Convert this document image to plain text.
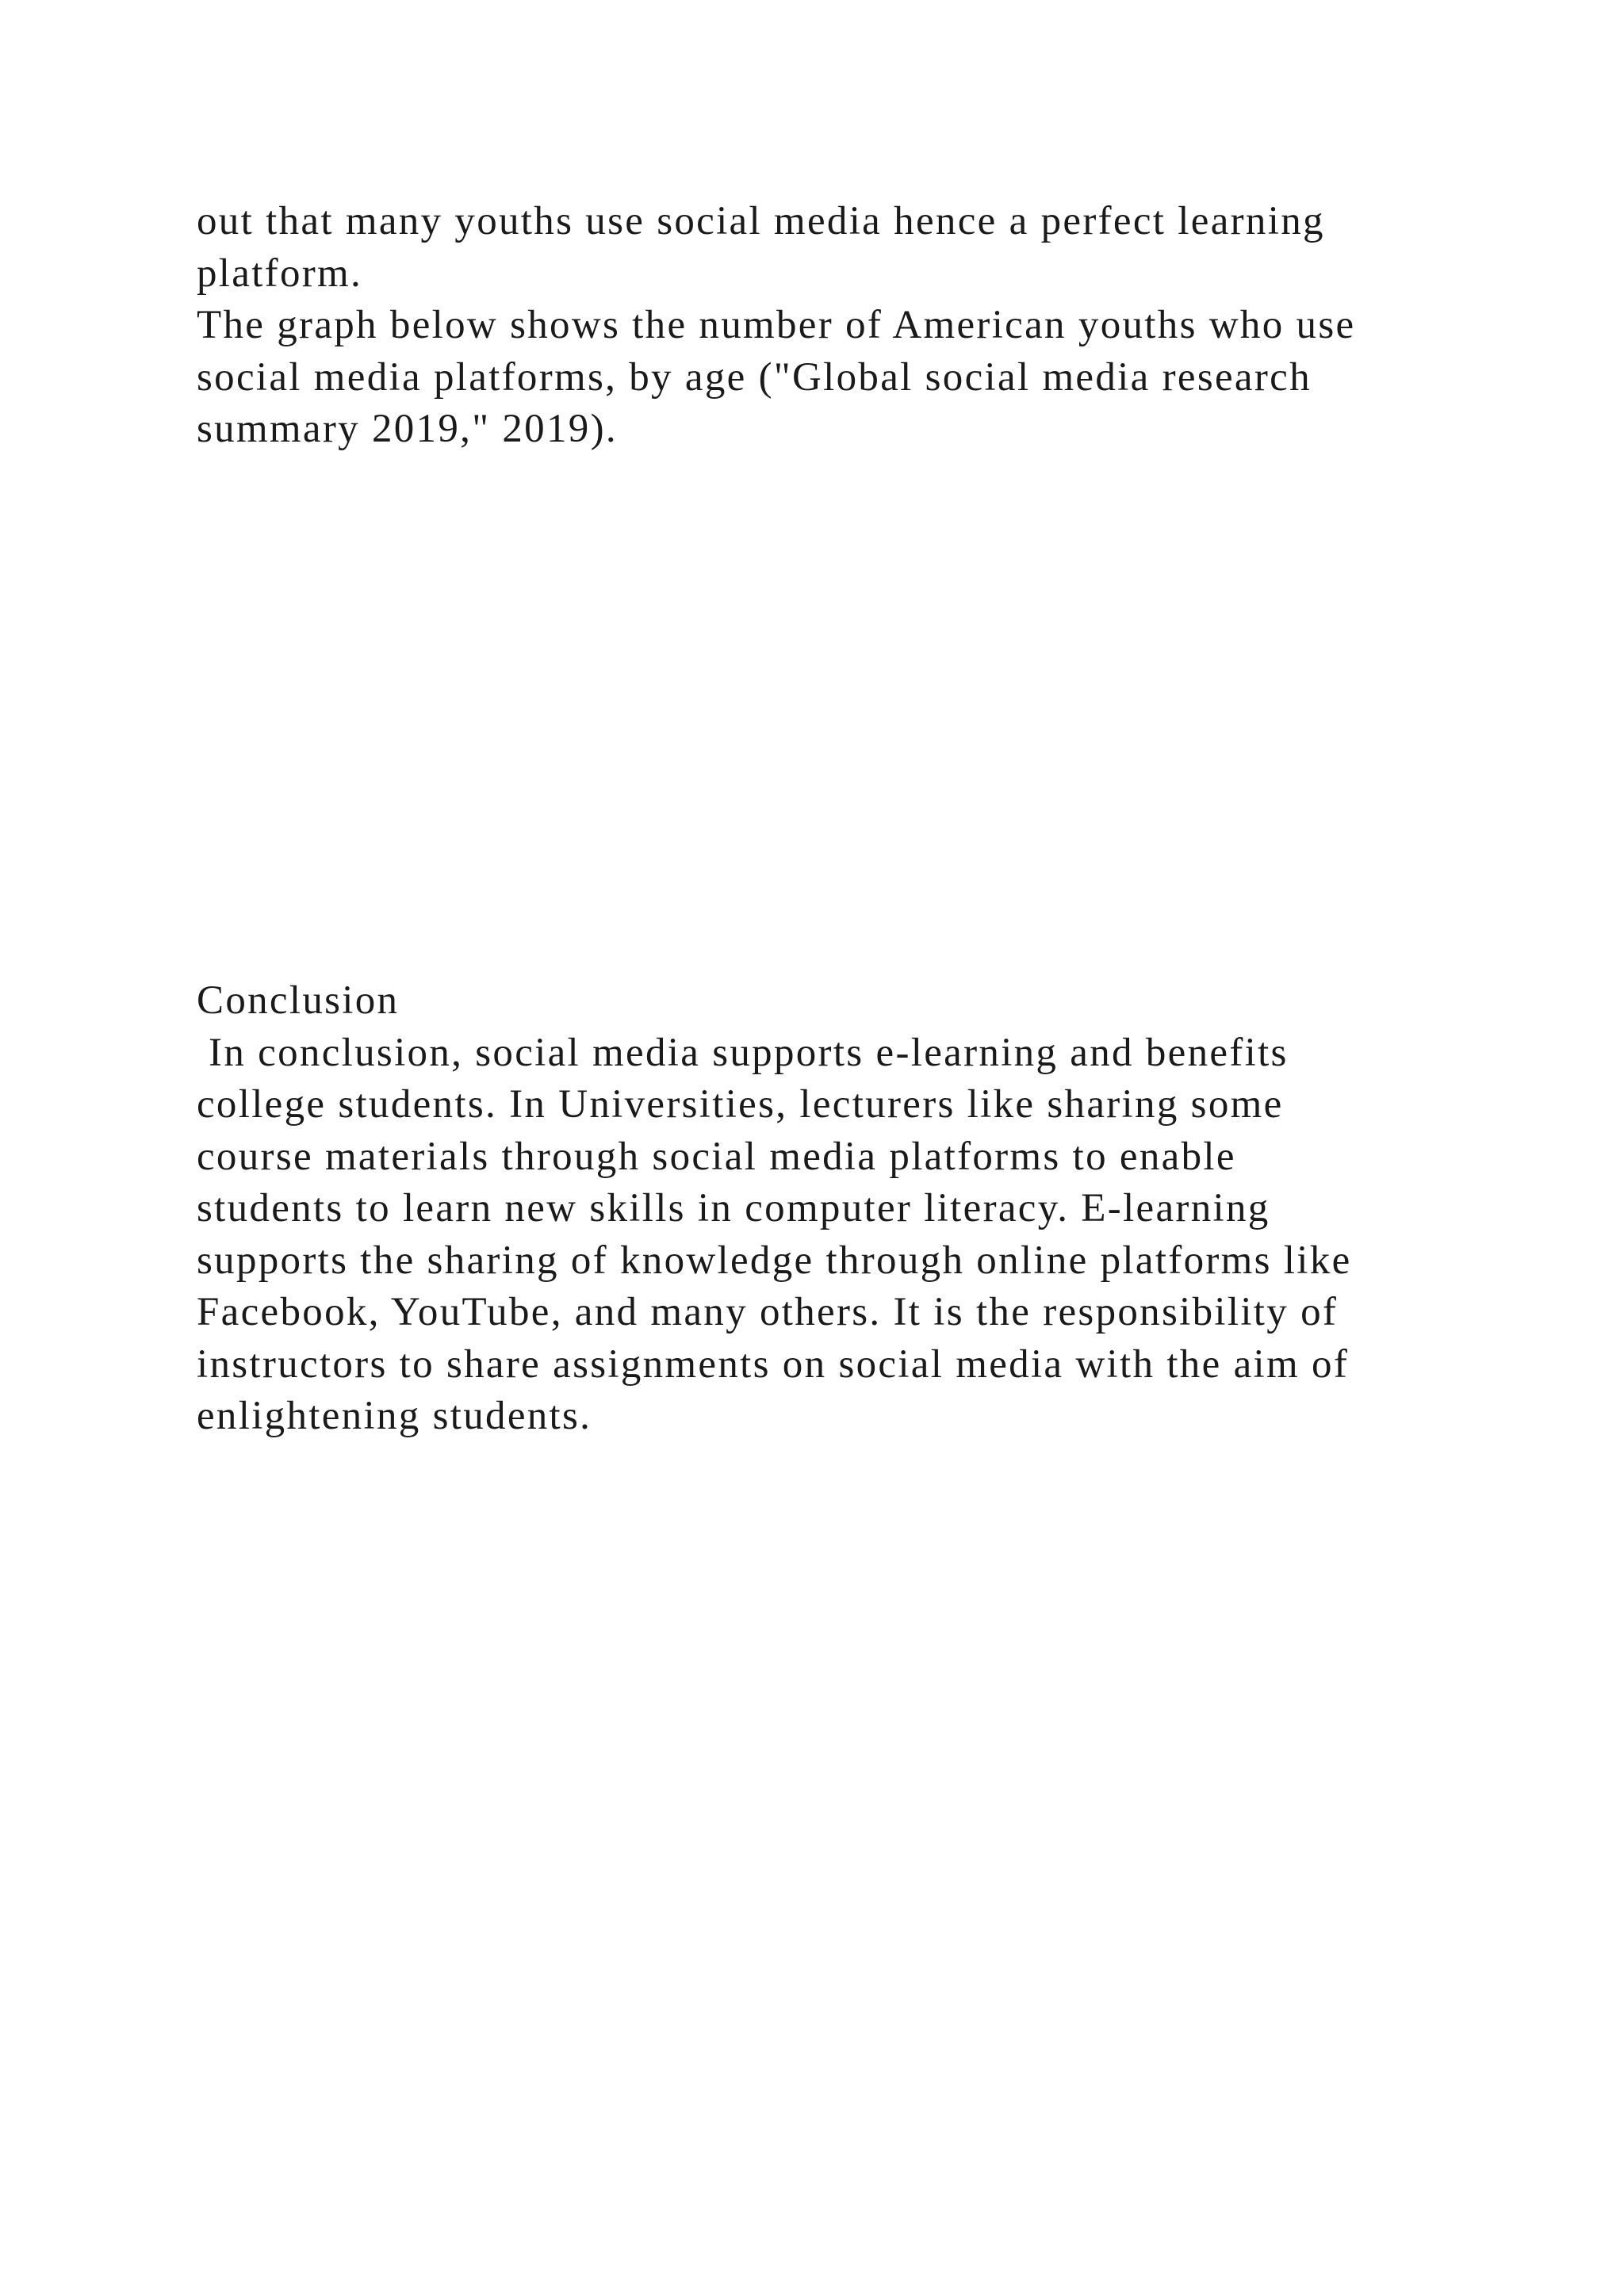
out that many youths use social media hence a perfect learning
platform.
The graph below shows the number of American youths who use
social media platforms, by age ("Global social media research
summary 2019," 2019).
Conclusion
In conclusion, social media supports e-learning and benefits
college students. In Universities, lecturers like sharing some
course materials through social media platforms to enable
students to learn new skills in computer literacy. E-learning
supports the sharing of knowledge through online platforms like
Facebook, YouTube, and many others. It is the responsibility of
instructors to share assignments on social media with the aim of
enlightening students.
